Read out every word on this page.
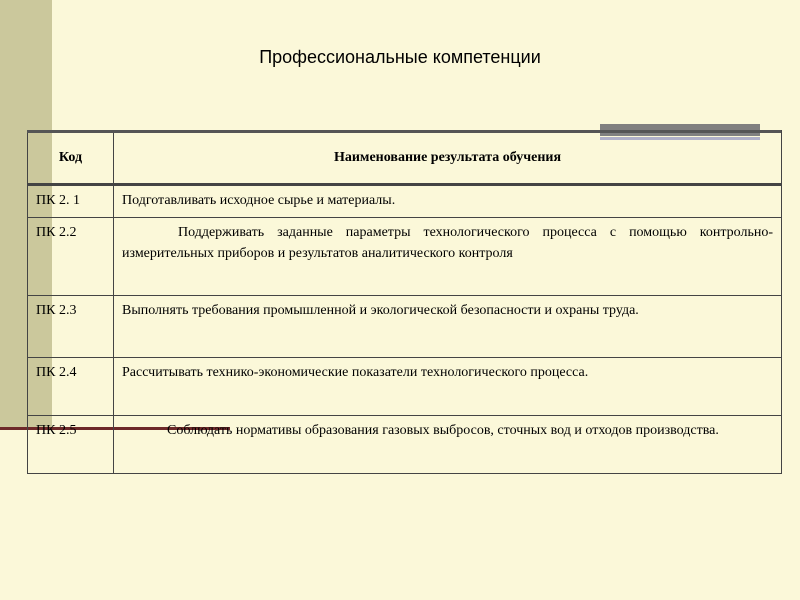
Профессиональные компетенции
Код	Наименование результата обучения
ПК 2. 1	Подготавливать исходное сырье и материалы.
ПК 2.2	Поддерживать заданные параметры технологического процесса с помощью контрольно-измерительных приборов и результатов аналитического контроля
ПК 2.3	Выполнять требования промышленной и экологической безопасности и охраны труда.
ПК 2.4	Рассчитывать технико-экономические показатели технологического процесса.
ПК 2.5	Соблюдать нормативы образования газовых выбросов, сточных вод и отходов производства.
